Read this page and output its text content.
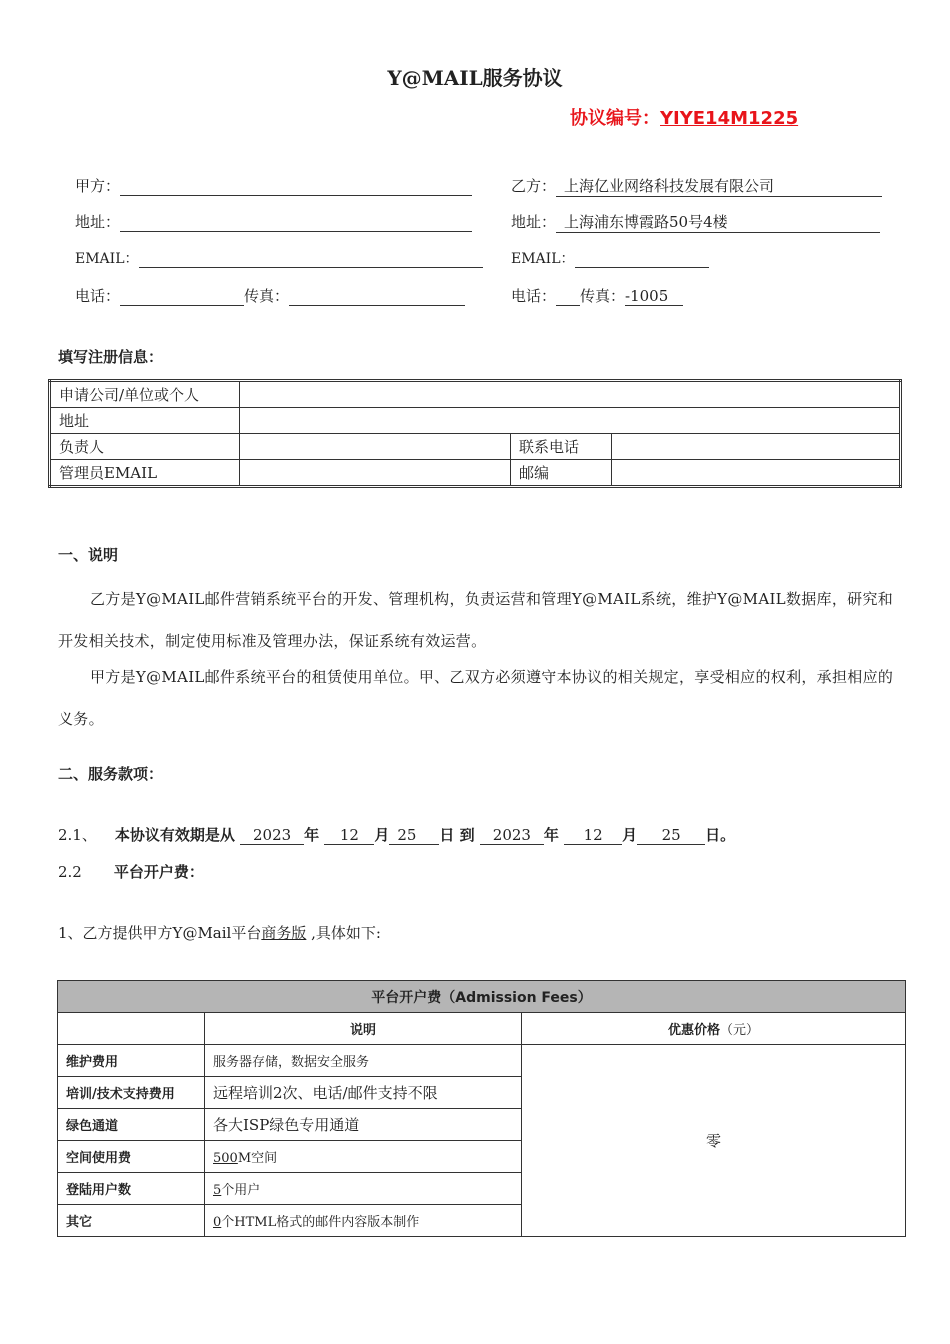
Y@MAIL服务协议
协议编号：YIYE14M1225
甲方：
地址：
EMAIL：
电话：	传真：
乙方： 上海亿业网络科技发展有限公司
地址： 上海浦东博霞路50号4楼
EMAIL：
电话： 传真：-1005
填写注册信息：
申请公司/单位或个人			
地址			
负责人		联系电话	
管理员EMAIL		邮编	
一、说明
乙方是Y@MAIL邮件营销系统平台的开发、管理机构，负责运营和管理Y@MAIL系统，维护Y@MAIL数据库，研究和开发相关技术，制定使用标准及管理办法，保证系统有效运营。
甲方是Y@MAIL邮件系统平台的租赁使用单位。甲、乙双方必须遵守本协议的相关规定，享受相应的权利，承担相应的义务。
二、服务款项：
2.1、 本协议有效期是从 2023 年 12 月 25 日 到 2023 年 12 月 25 日。
2.2 平台开户费：
1、乙方提供甲方Y@Mail平台商务版 ,具体如下:
平台开户费（Admission Fees）		
	说明	优惠价格（元）
维护费用	服务器存储，数据安全服务	零
培训/技术支持费用	远程培训2次、电话/邮件支持不限	
绿色通道	各大ISP绿色专用通道	
空间使用费	500M空间	
登陆用户数	5个用户	
其它	0个HTML格式的邮件内容版本制作	
